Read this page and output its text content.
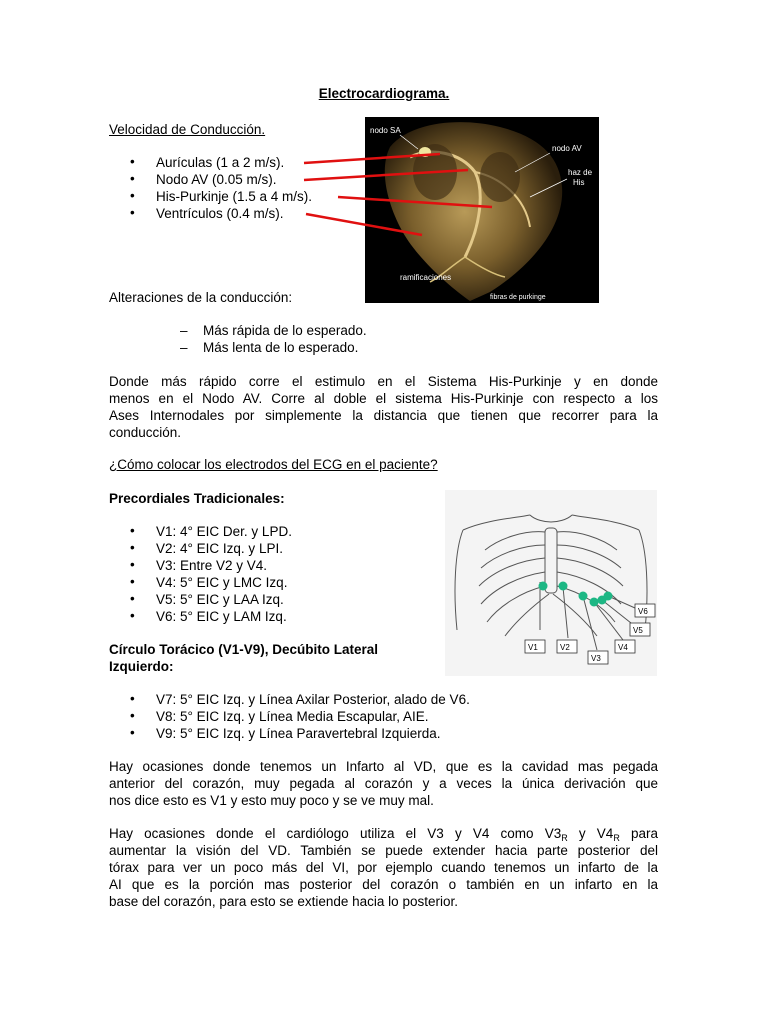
Electrocardiograma.
Velocidad de Conducción.
•	Aurículas (1 a 2 m/s).
•	Nodo AV (0.05 m/s).
•	His-Purkinje (1.5 a 4 m/s).
•	Ventrículos (0.4 m/s).
nodo SA
nodo AV
haz de
His
ramificaciones
fibras de purkinge
Alteraciones de la conducción:
– Más rápida de lo esperado.
– Más lenta de lo esperado.
Donde más rápido corre el estimulo en el Sistema His-Purkinje y en donde
menos en el Nodo AV. Corre al doble el sistema His-Purkinje con respecto a los
Ases Internodales por simplemente la distancia que tienen que recorrer para la
conducción.
¿Cómo colocar los electrodos del ECG en el paciente?
Precordiales Tradicionales:
•	V1: 4° EIC Der. y LPD.
•	V2: 4° EIC Izq. y LPI.
•	V3: Entre V2 y V4.
•	V4: 5° EIC y LMC Izq.
•	V5: 5° EIC y LAA Izq.
•	V6: 5° EIC y LAM Izq.
V1	V2
V3
V4
V5
V6
Círculo Torácico (V1-V9), Decúbito Lateral
Izquierdo:
•	V7: 5° EIC Izq. y Línea Axilar Posterior, alado de V6.
•	V8: 5° EIC Izq. y Línea Media Escapular, AIE.
•	V9: 5° EIC Izq. y Línea Paravertebral Izquierda.
Hay ocasiones donde tenemos un Infarto al VD, que es la cavidad mas pegada
anterior del corazón, muy pegada al corazón y a veces la única derivación que
nos dice esto es V1 y esto muy poco y se ve muy mal.
Hay ocasiones donde el cardiólogo utiliza el V3 y V4 como $V3_R$ y $V4_R$ para
aumentar la visión del VD. También se puede extender hacia parte posterior del
tórax para ver un poco más del VI, por ejemplo cuando tenemos un infarto de la
AI que es la porción mas posterior del corazón o también en un infarto en la
base del corazón, para esto se extiende hacia lo posterior.
